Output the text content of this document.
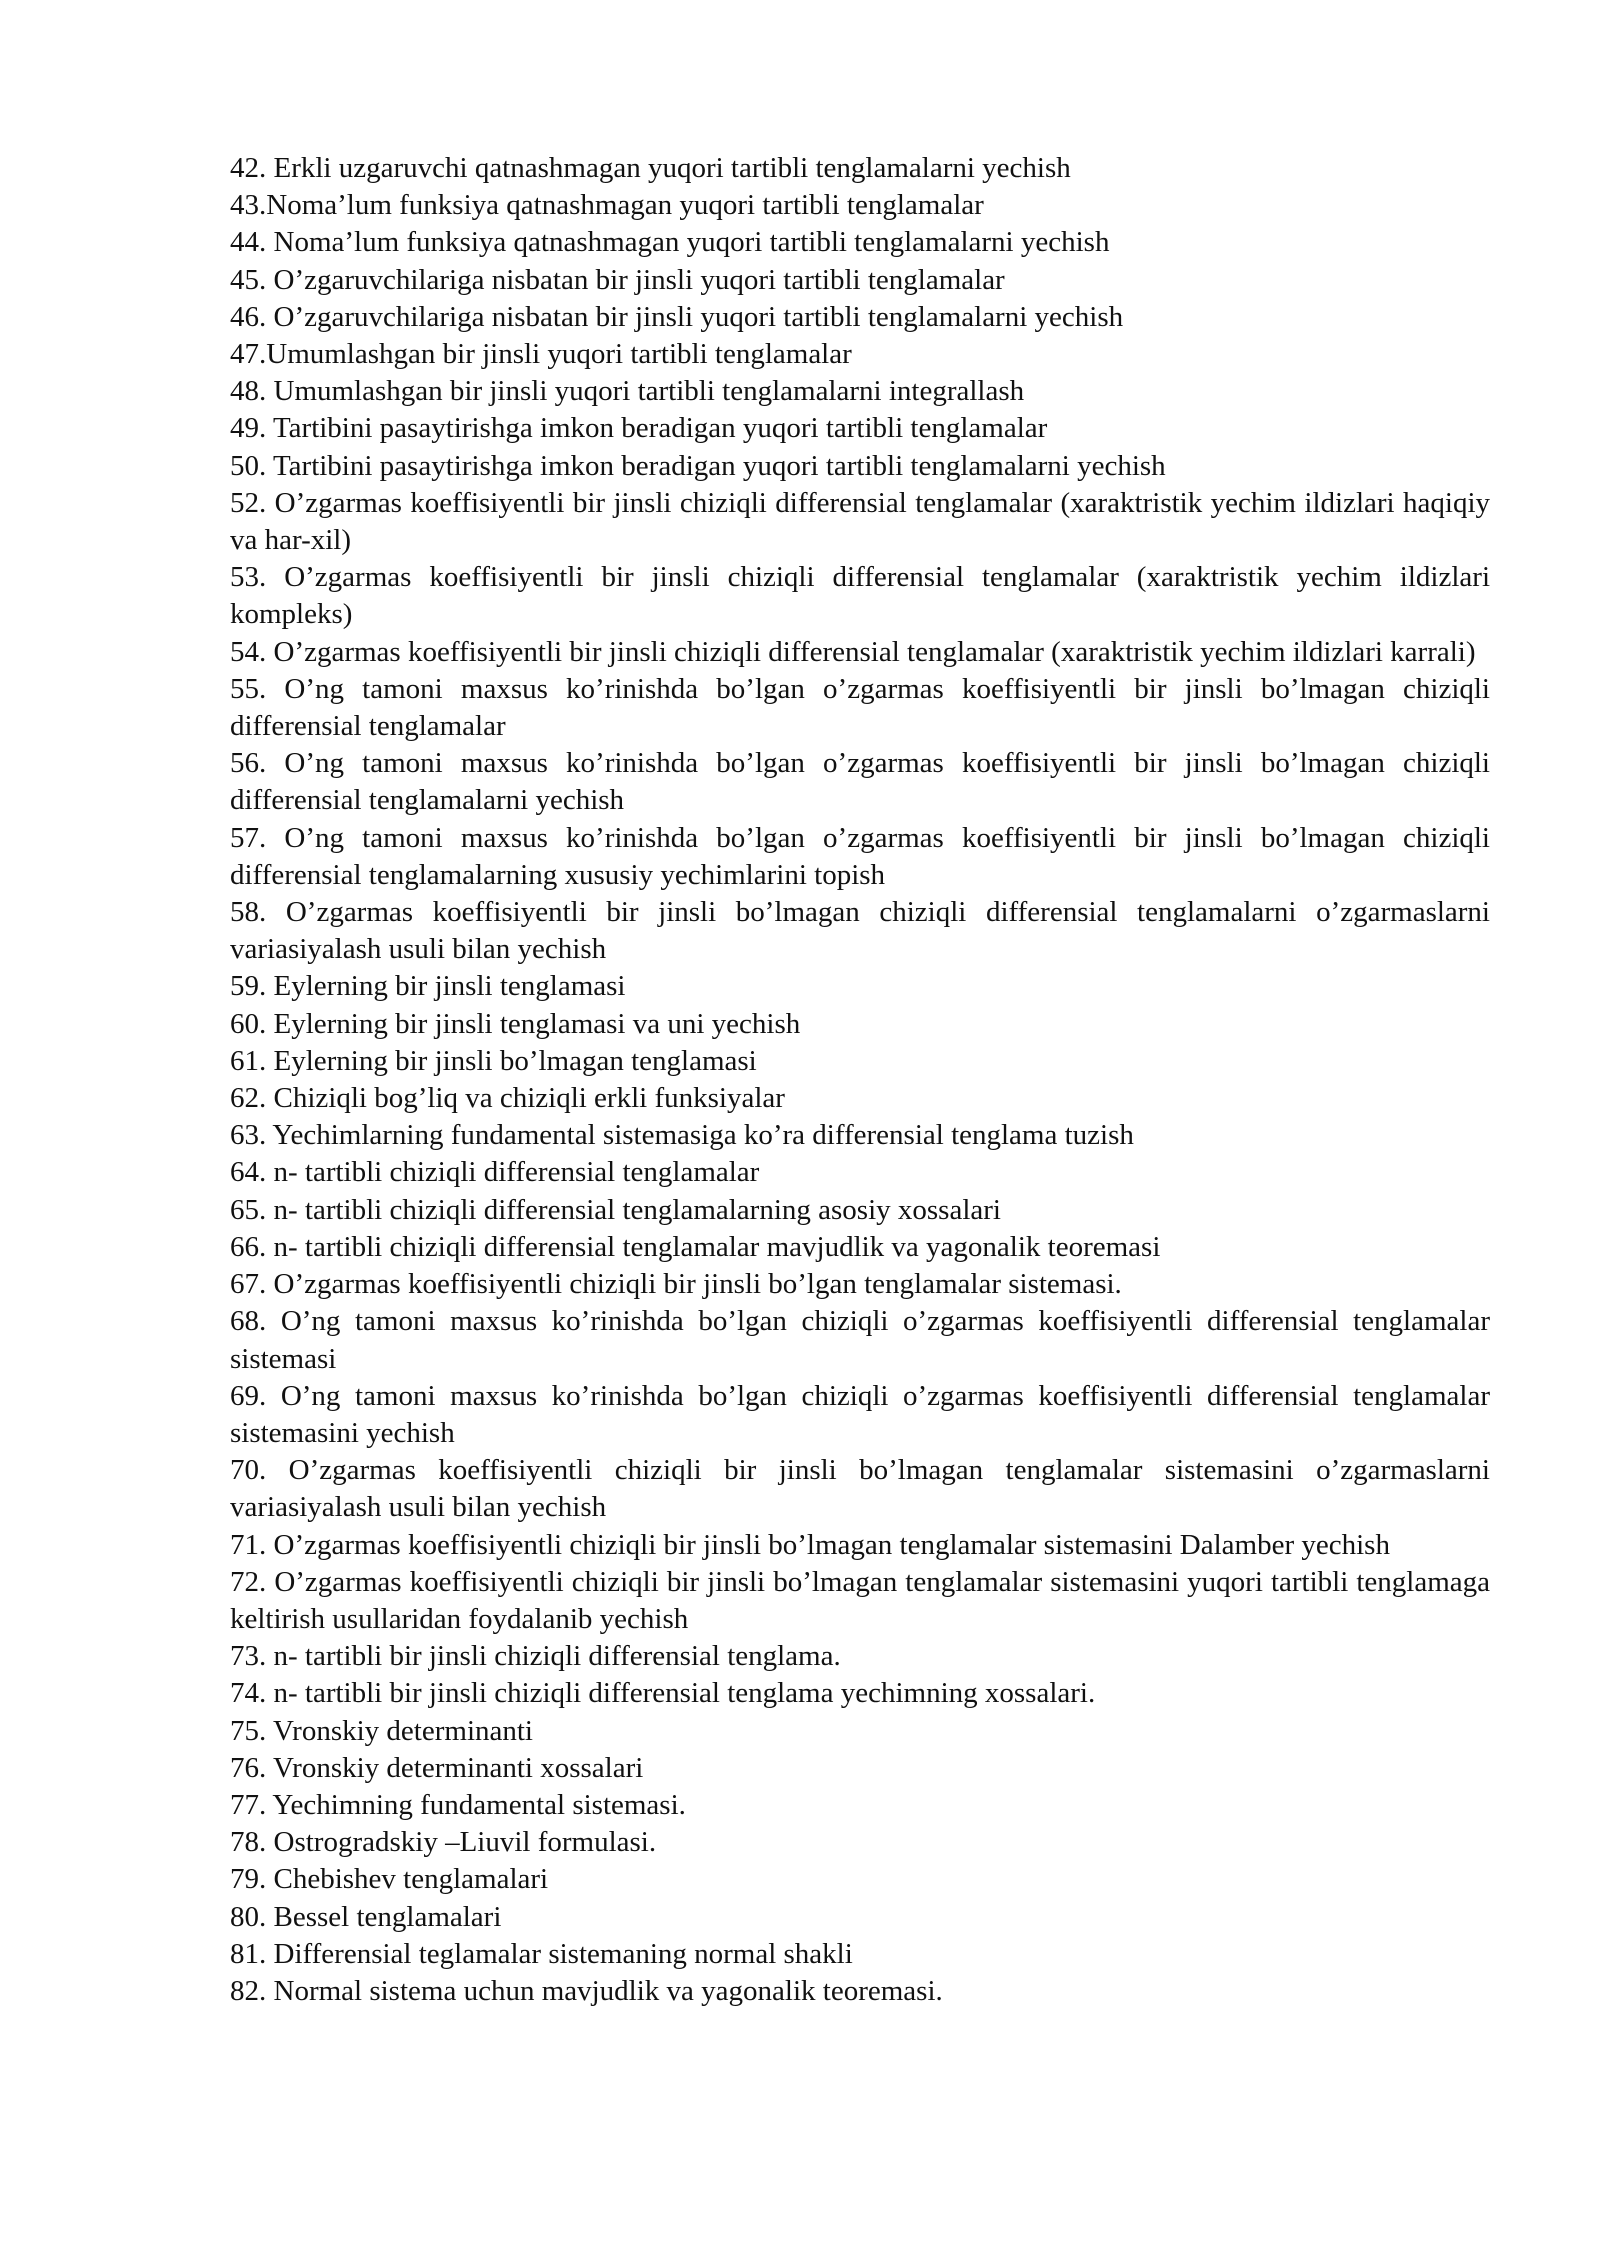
42. Erkli uzgaruvchi qatnashmagan yuqori tartibli tenglamalarni yechish

43.Noma’lum funksiya qatnashmagan yuqori tartibli tenglamalar

44. Noma’lum funksiya qatnashmagan yuqori tartibli tenglamalarni yechish

45. O’zgaruvchilariga nisbatan bir jinsli yuqori tartibli tenglamalar

46. O’zgaruvchilariga nisbatan bir jinsli yuqori tartibli tenglamalarni yechish

47.Umumlashgan bir jinsli yuqori tartibli tenglamalar

48. Umumlashgan bir jinsli yuqori tartibli tenglamalarni integrallash

49. Tartibini pasaytirishga imkon beradigan yuqori tartibli tenglamalar

50. Tartibini pasaytirishga imkon beradigan yuqori tartibli tenglamalarni yechish

52. O’zgarmas koeffisiyentli bir jinsli chiziqli differensial tenglamalar (xaraktristik yechim ildizlari haqiqiy va har-xil)

53. O’zgarmas koeffisiyentli bir jinsli chiziqli differensial tenglamalar (xaraktristik yechim ildizlari kompleks)

54. O’zgarmas koeffisiyentli bir jinsli chiziqli differensial tenglamalar (xaraktristik yechim ildizlari karrali)

55. O’ng tamoni maxsus ko’rinishda bo’lgan o’zgarmas koeffisiyentli bir jinsli bo’lmagan chiziqli differensial tenglamalar

56. O’ng tamoni maxsus ko’rinishda bo’lgan o’zgarmas koeffisiyentli bir jinsli bo’lmagan chiziqli differensial tenglamalarni yechish

57. O’ng tamoni maxsus ko’rinishda bo’lgan o’zgarmas koeffisiyentli bir jinsli bo’lmagan chiziqli differensial tenglamalarning xususiy yechimlarini topish

58. O’zgarmas koeffisiyentli bir jinsli bo’lmagan chiziqli differensial tenglamalarni o’zgarmaslarni variasiyalash usuli bilan yechish

59. Eylerning bir jinsli tenglamasi

60. Eylerning bir jinsli tenglamasi va uni yechish

61. Eylerning bir jinsli bo’lmagan tenglamasi

62. Chiziqli bog’liq va chiziqli erkli funksiyalar

63. Yechimlarning fundamental sistemasiga ko’ra differensial tenglama tuzish

64. n- tartibli chiziqli differensial tenglamalar

65. n- tartibli chiziqli differensial tenglamalarning asosiy xossalari

66. n- tartibli chiziqli differensial tenglamalar mavjudlik va yagonalik teoremasi

67. O’zgarmas koeffisiyentli chiziqli bir jinsli bo’lgan tenglamalar sistemasi.

68. O’ng tamoni maxsus ko’rinishda bo’lgan chiziqli o’zgarmas koeffisiyentli differensial tenglamalar sistemasi

69. O’ng tamoni maxsus ko’rinishda bo’lgan chiziqli o’zgarmas koeffisiyentli differensial tenglamalar sistemasini yechish

70. O’zgarmas koeffisiyentli chiziqli bir jinsli bo’lmagan tenglamalar sistemasini o’zgarmaslarni variasiyalash usuli bilan yechish

71. O’zgarmas koeffisiyentli chiziqli bir jinsli bo’lmagan tenglamalar sistemasini Dalamber yechish

72. O’zgarmas koeffisiyentli chiziqli bir jinsli bo’lmagan tenglamalar sistemasini yuqori tartibli tenglamaga keltirish usullaridan foydalanib yechish

73. n- tartibli bir jinsli chiziqli differensial tenglama.

74. n- tartibli bir jinsli chiziqli differensial tenglama yechimning xossalari.

75. Vronskiy determinanti

76. Vronskiy determinanti xossalari

77. Yechimning fundamental sistemasi.

78. Ostrogradskiy –Liuvil formulasi.

79. Chebishev tenglamalari

80. Bessel tenglamalari

81. Differensial teglamalar sistemaning normal shakli

82. Normal sistema uchun mavjudlik va yagonalik teoremasi.
